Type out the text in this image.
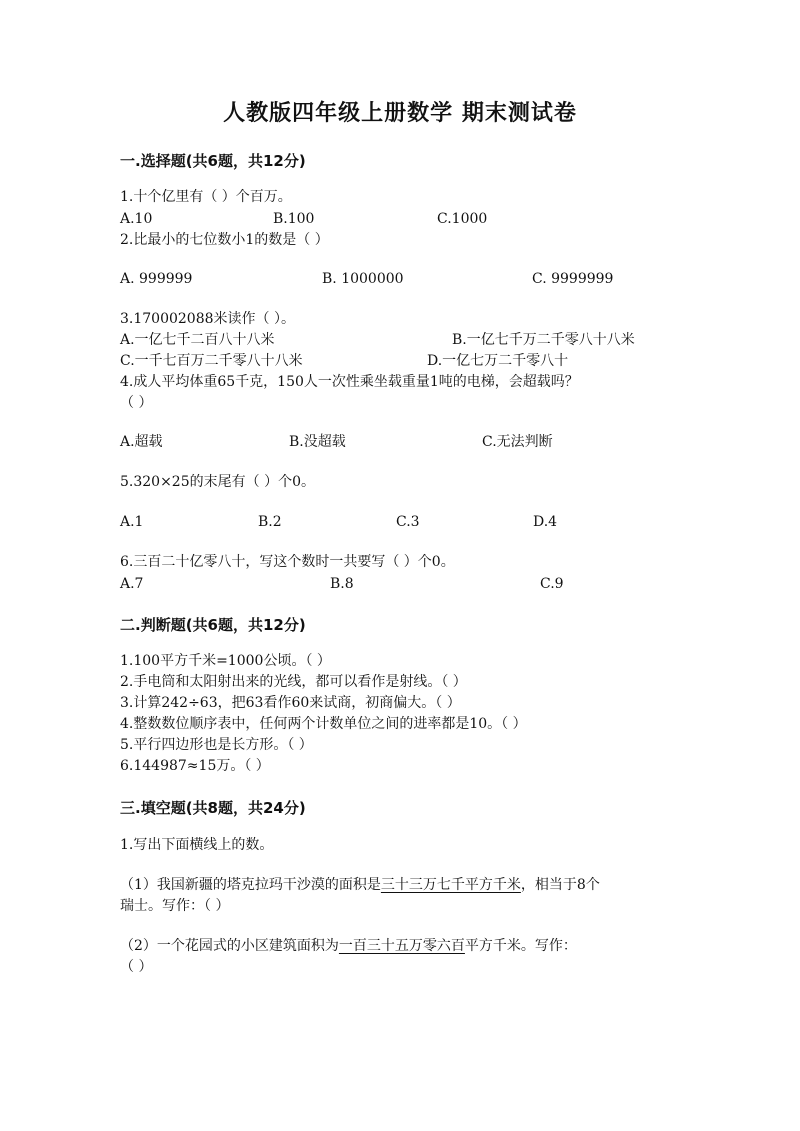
人教版四年级上册数学 期末测试卷
一.选择题(共6题，共12分)
1.十个亿里有（ ）个百万。
A.10	B.100	C.1000
2.比最小的七位数小1的数是（ ）
A. 999999	B. 1000000	C. 9999999
3.170002088米读作（ ）。
A.一亿七千二百八十八米	B.一亿七千万二千零八十八米
C.一千七百万二千零八十八米	D.一亿七万二千零八十
4.成人平均体重65千克，150人一次性乘坐载重量1吨的电梯，会超载吗？
（ ）
A.超载	B.没超载	C.无法判断
5.320×25的末尾有（ ）个0。
A.1	B.2	C.3	D.4
6.三百二十亿零八十，写这个数时一共要写（ ）个0。
A.7	B.8	C.9
二.判断题(共6题，共12分)
1.100平方千米=1000公顷。（ ）
2.手电筒和太阳射出来的光线，都可以看作是射线。（ ）
3.计算242÷63，把63看作60来试商，初商偏大。（ ）
4.整数数位顺序表中，任何两个计数单位之间的进率都是10。（ ）
5.平行四边形也是长方形。（ ）
6.144987≈15万。（ ）
三.填空题(共8题，共24分)
1.写出下面横线上的数。
（1）我国新疆的塔克拉玛干沙漠的面积是三十三万七千平方千米，相当于8个
瑞士。写作：（ ）
（2）一个花园式的小区建筑面积为一百三十五万零六百平方千米。写作：
（ ）
